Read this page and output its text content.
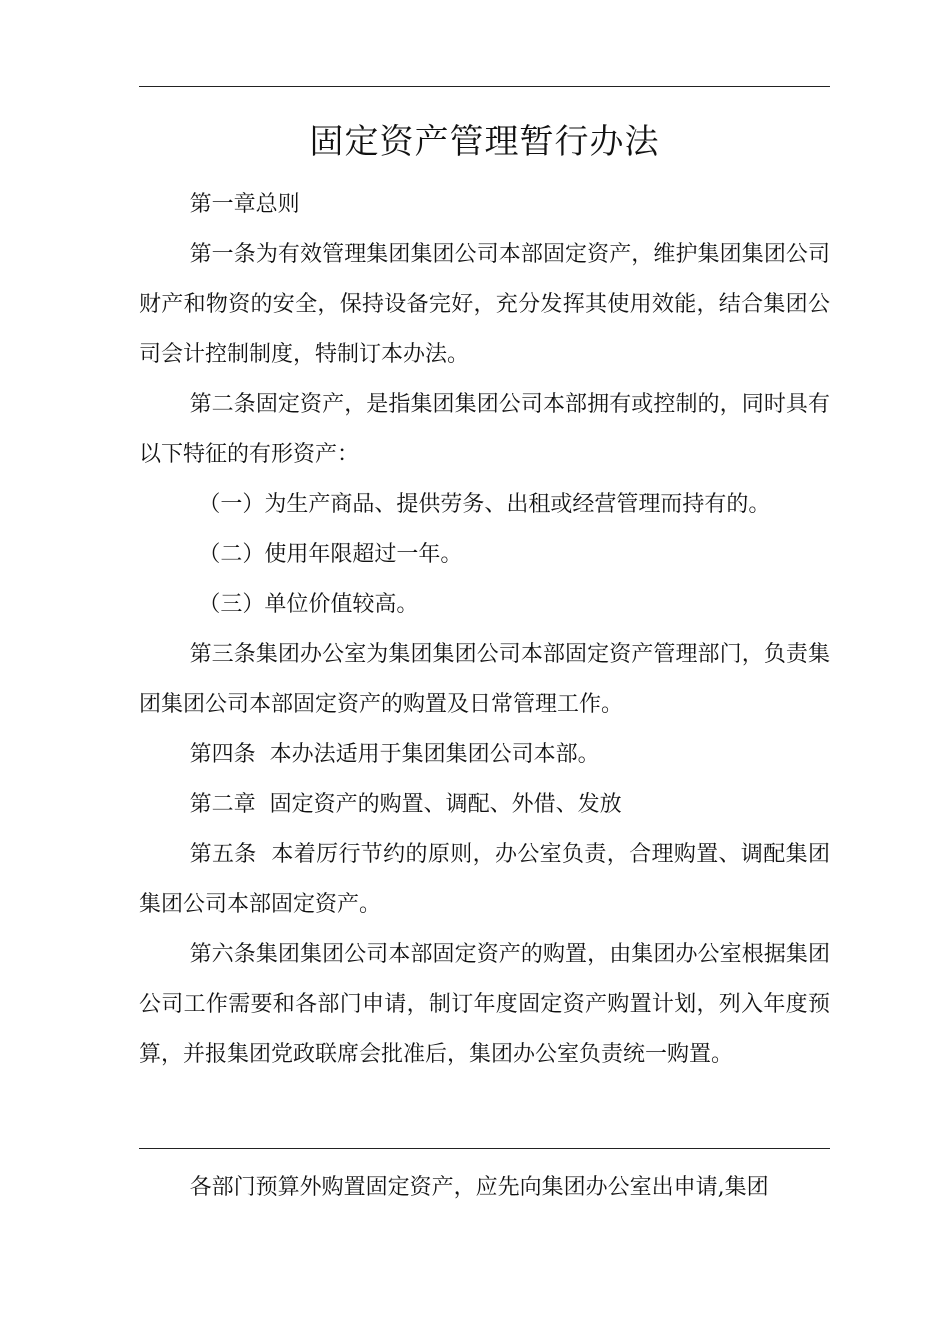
固定资产管理暂行办法

第一章总则

第一条为有效管理集团集团公司本部固定资产，维护集团集团公司财产和物资的安全，保持设备完好，充分发挥其使用效能，结合集团公司会计控制制度，特制订本办法。

第二条固定资产，是指集团集团公司本部拥有或控制的，同时具有以下特征的有形资产：

（一）为生产商品、提供劳务、出租或经营管理而持有的。

（二）使用年限超过一年。

（三）单位价值较高。

第三条集团办公室为集团集团公司本部固定资产管理部门，负责集团集团公司本部固定资产的购置及日常管理工作。

第四条  本办法适用于集团集团公司本部。

第二章  固定资产的购置、调配、外借、发放

第五条  本着厉行节约的原则，办公室负责，合理购置、调配集团集团公司本部固定资产。

第六条集团集团公司本部固定资产的购置，由集团办公室根据集团公司工作需要和各部门申请，制订年度固定资产购置计划，列入年度预算，并报集团党政联席会批准后，集团办公室负责统一购置。

各部门预算外购置固定资产，应先向集团办公室出申请,集团
